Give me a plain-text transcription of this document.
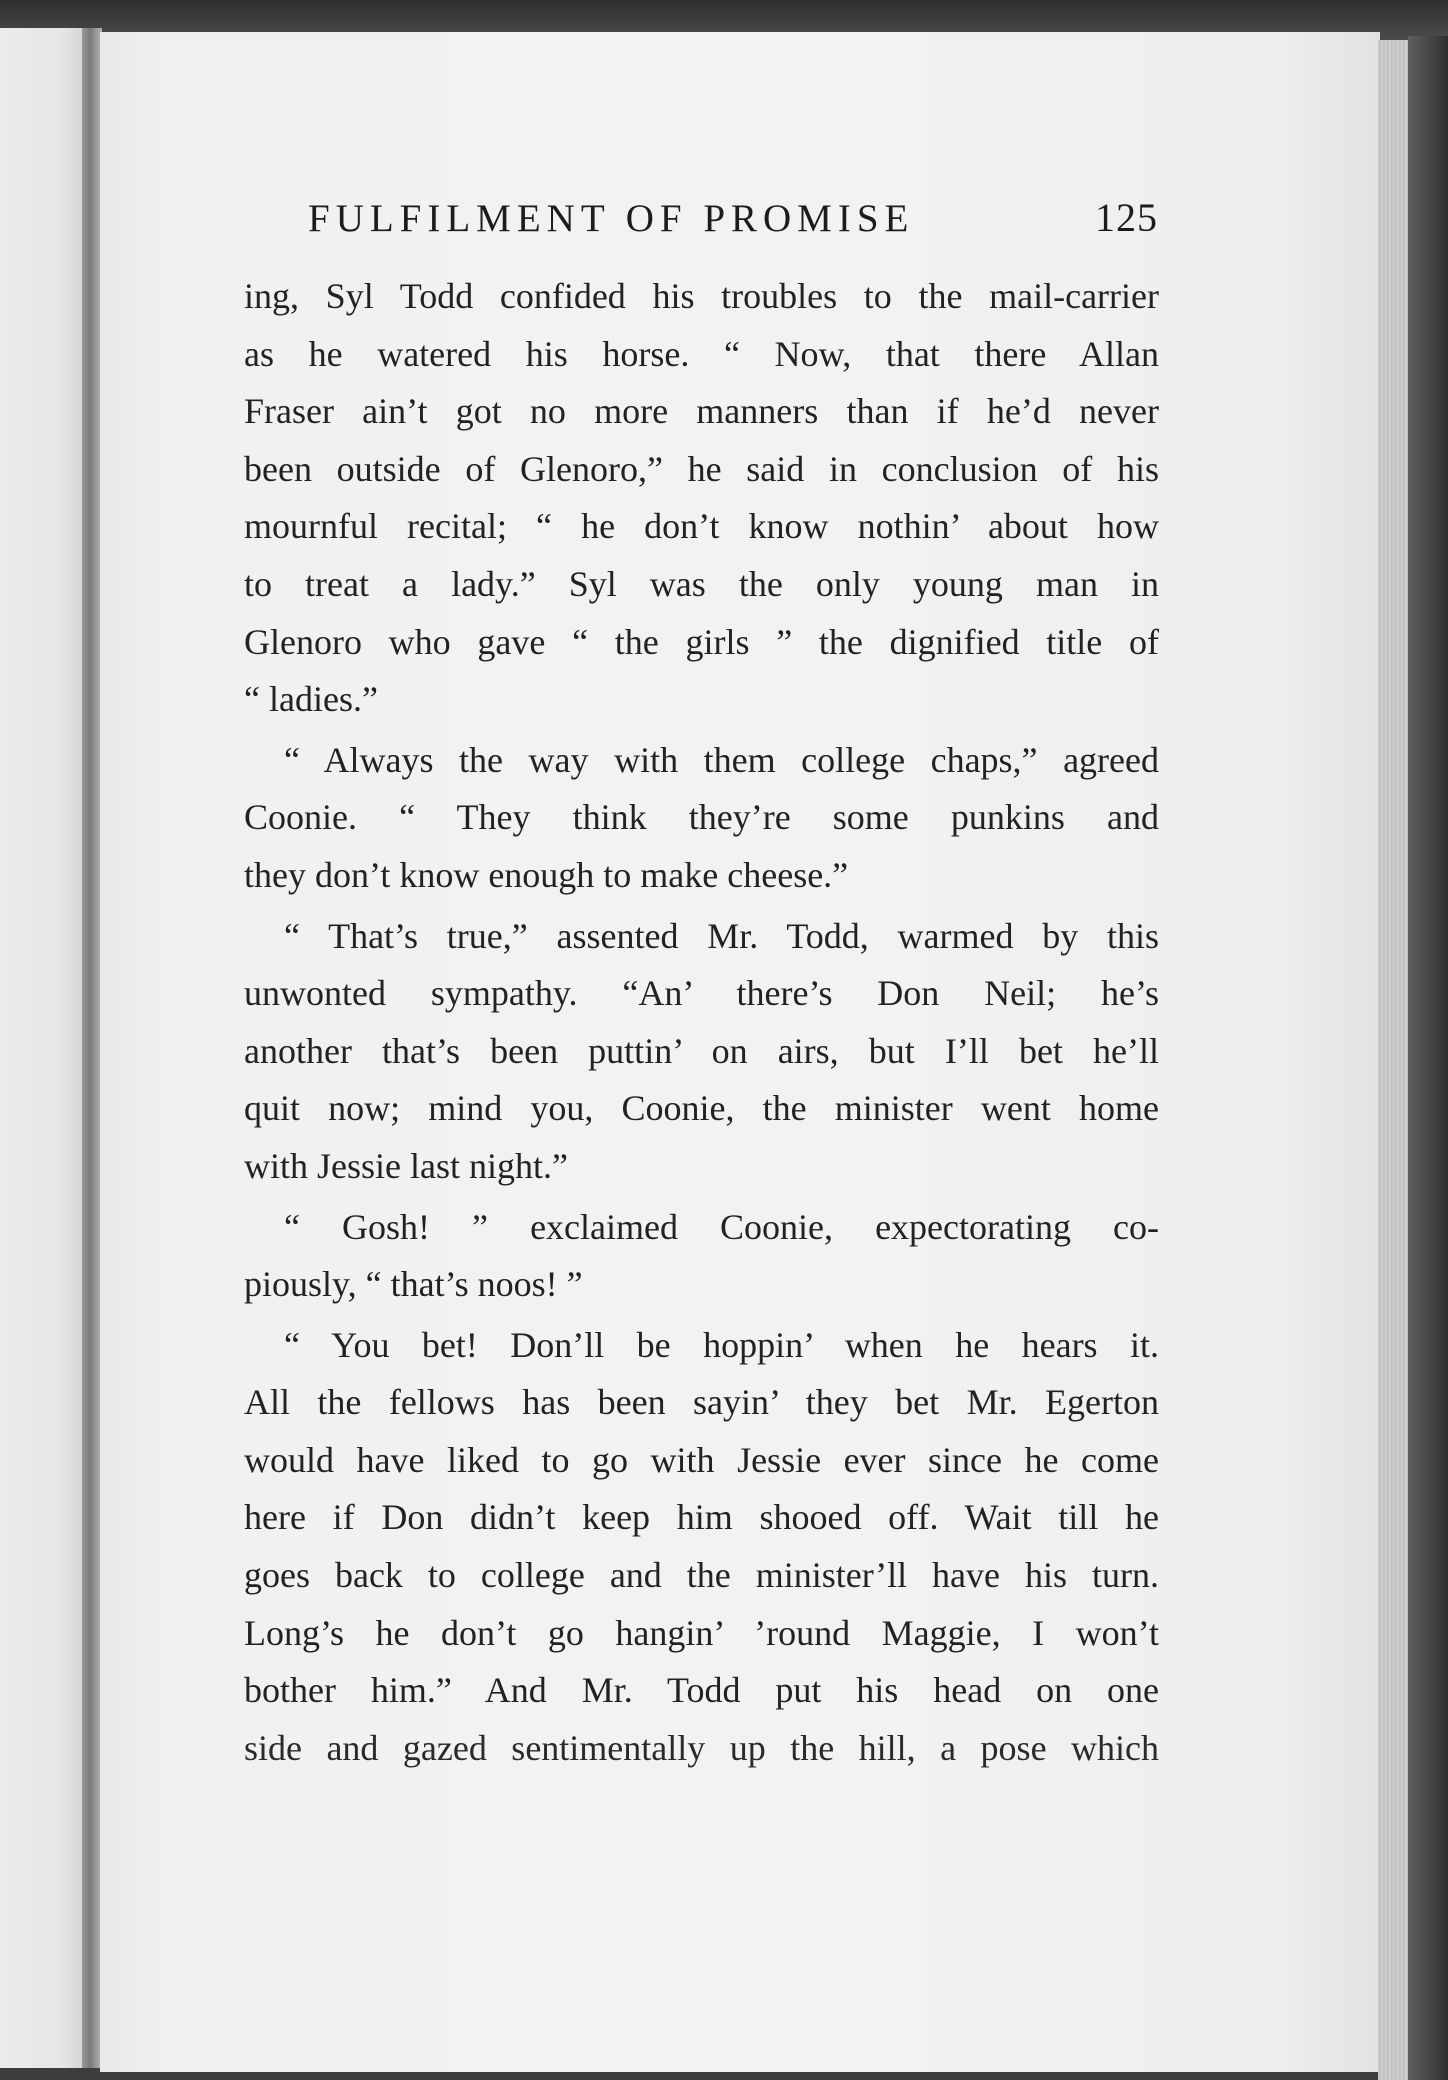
FULFILMENT OF PROMISE	125

ing, Syl Todd confided his troubles to the mail-carrier
as he watered his horse. “ Now, that there Allan
Fraser ain’t got no more manners than if he’d never
been outside of Glenoro,” he said in conclusion of his
mournful recital; “ he don’t know nothin’ about how
to treat a lady.” Syl was the only young man in
Glenoro who gave “ the girls ” the dignified title of
“ ladies.”

“ Always the way with them college chaps,” agreed
Coonie. “ They think they’re some punkins and
they don’t know enough to make cheese.”

“ That’s true,” assented Mr. Todd, warmed by this
unwonted sympathy. “An’ there’s Don Neil; he’s
another that’s been puttin’ on airs, but I’ll bet he’ll
quit now; mind you, Coonie, the minister went home
with Jessie last night.”

“ Gosh! ” exclaimed Coonie, expectorating co-
piously, “ that’s noos! ”

“ You bet! Don’ll be hoppin’ when he hears it.
All the fellows has been sayin’ they bet Mr. Egerton
would have liked to go with Jessie ever since he come
here if Don didn’t keep him shooed off. Wait till he
goes back to college and the minister’ll have his turn.
Long’s he don’t go hangin’ ’round Maggie, I won’t
bother him.” And Mr. Todd put his head on one
side and gazed sentimentally up the hill, a pose which
